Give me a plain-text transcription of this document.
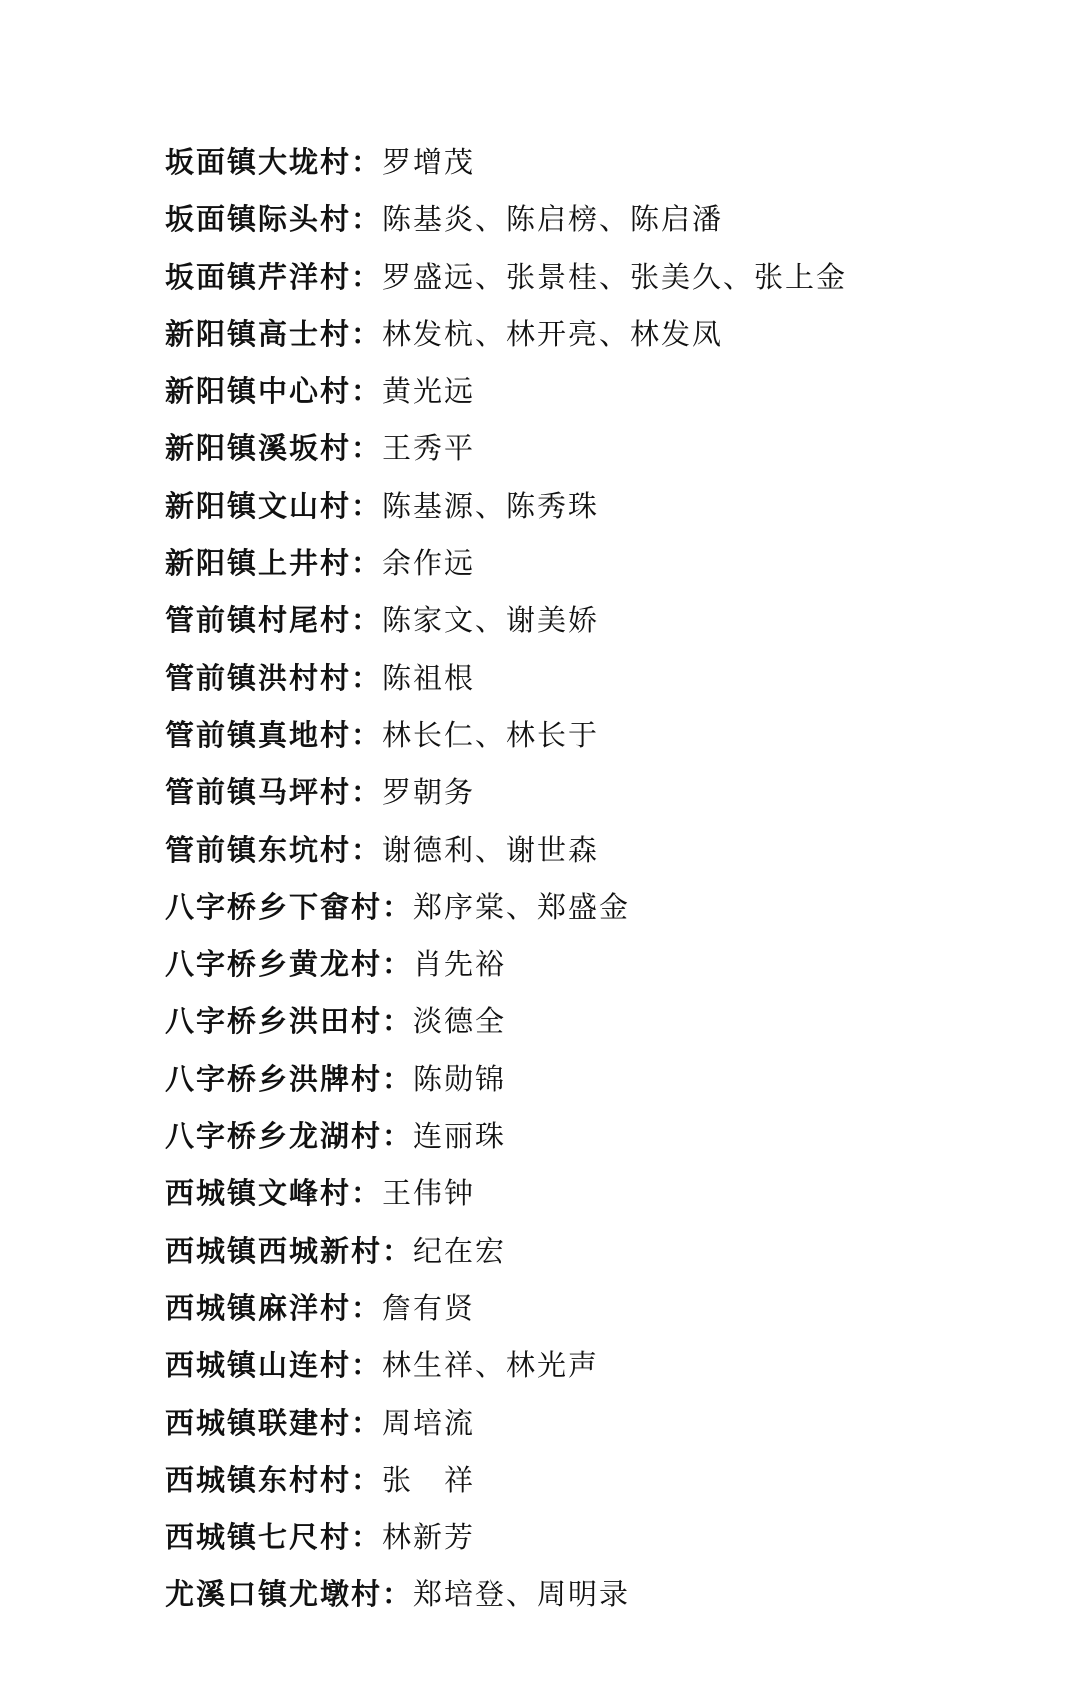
坂面镇大垅村：罗增茂
坂面镇际头村：陈基炎、陈启榜、陈启潘
坂面镇芹洋村：罗盛远、张景桂、张美久、张上金
新阳镇高士村：林发杭、林开亮、林发凤
新阳镇中心村：黄光远
新阳镇溪坂村：王秀平
新阳镇文山村：陈基源、陈秀珠
新阳镇上井村：余作远
管前镇村尾村：陈家文、谢美娇
管前镇洪村村：陈祖根
管前镇真地村：林长仁、林长于
管前镇马坪村：罗朝务
管前镇东坑村：谢德利、谢世森
八字桥乡下畲村：郑序棠、郑盛金
八字桥乡黄龙村：肖先裕
八字桥乡洪田村：淡德全
八字桥乡洪牌村：陈勋锦
八字桥乡龙湖村：连丽珠
西城镇文峰村：王伟钟
西城镇西城新村：纪在宏
西城镇麻洋村：詹有贤
西城镇山连村：林生祥、林光声
西城镇联建村：周培流
西城镇东村村：张　祥
西城镇七尺村：林新芳
尤溪口镇尤墩村：郑培登、周明录
